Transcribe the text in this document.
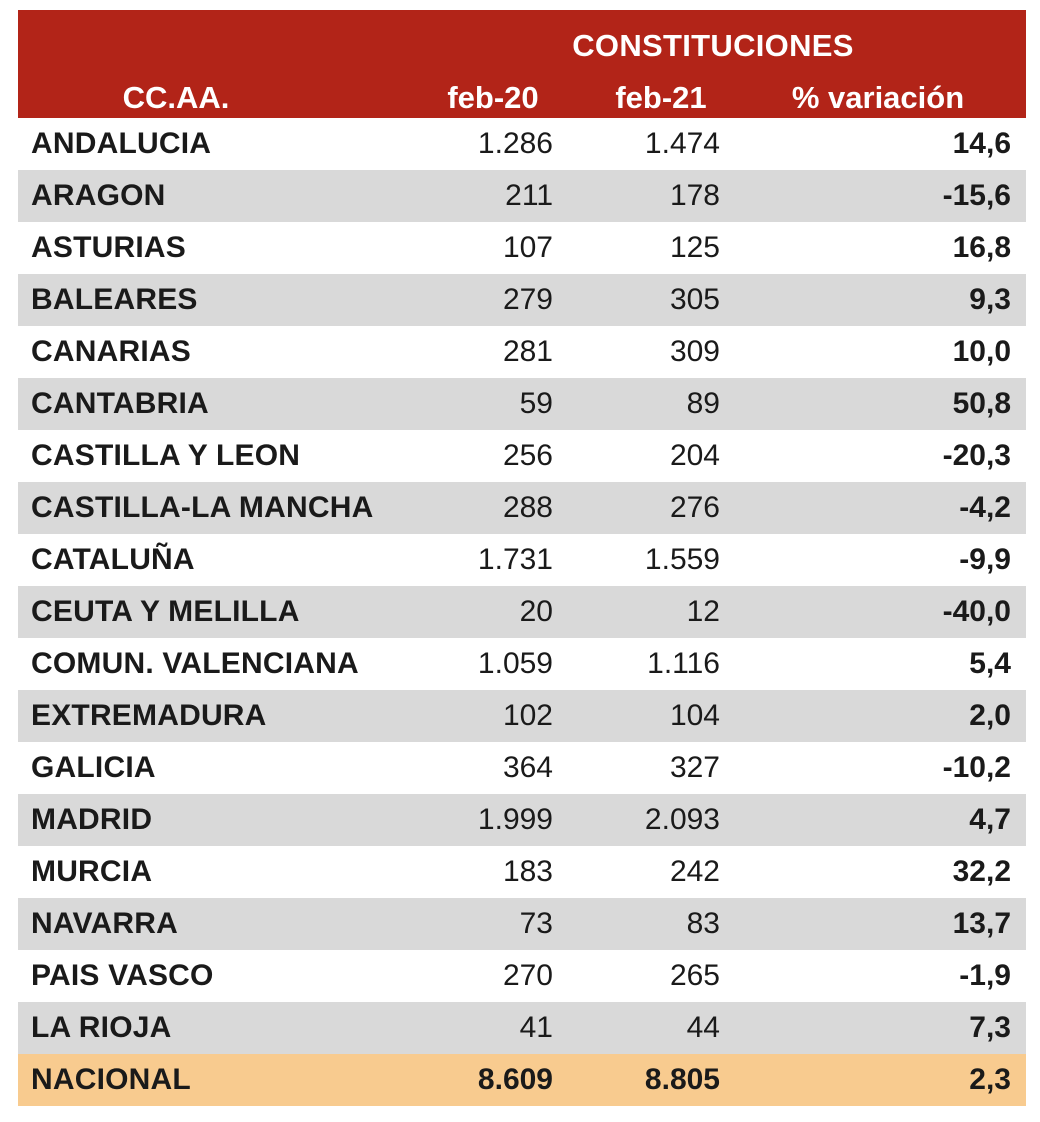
CONSTITUCIONES
CC.AA.	feb-20	feb-21	% variación
ANDALUCIA	1.286	1.474	14,6
ARAGON	211	178	-15,6
ASTURIAS	107	125	16,8
BALEARES	279	305	9,3
CANARIAS	281	309	10,0
CANTABRIA	59	89	50,8
CASTILLA Y LEON	256	204	-20,3
CASTILLA-LA MANCHA	288	276	-4,2
CATALUÑA	1.731	1.559	-9,9
CEUTA Y MELILLA	20	12	-40,0
COMUN. VALENCIANA	1.059	1.116	5,4
EXTREMADURA	102	104	2,0
GALICIA	364	327	-10,2
MADRID	1.999	2.093	4,7
MURCIA	183	242	32,2
NAVARRA	73	83	13,7
PAIS VASCO	270	265	-1,9
LA RIOJA	41	44	7,3
NACIONAL	8.609	8.805	2,3
